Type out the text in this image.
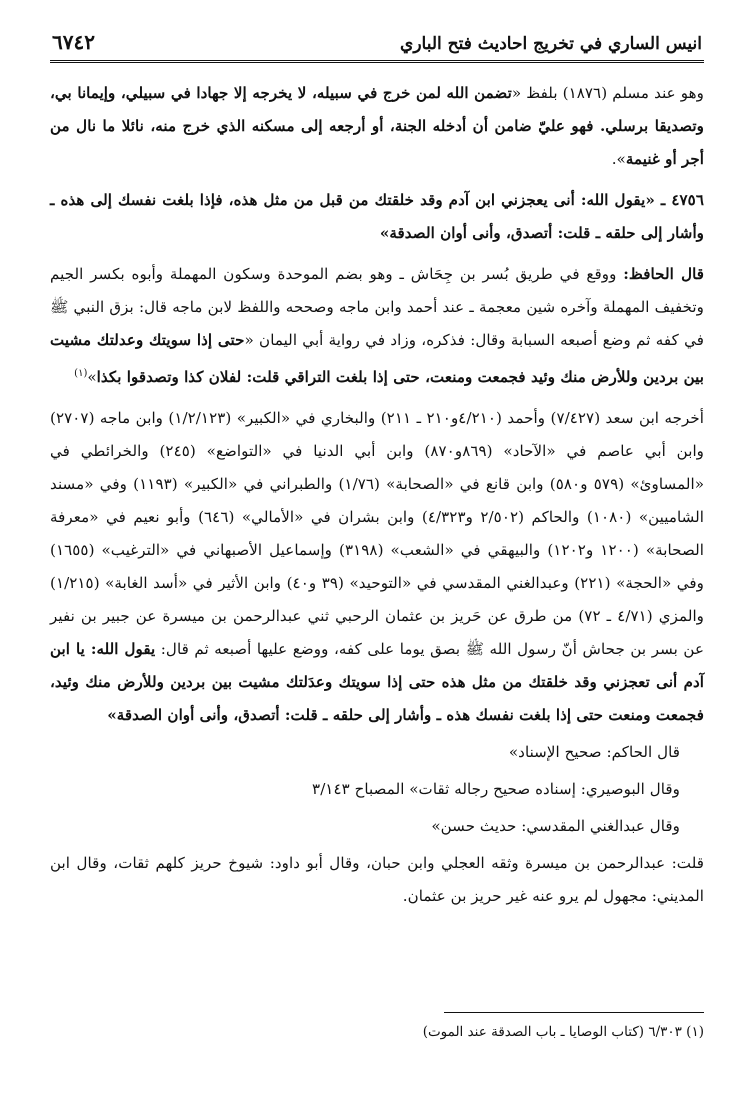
انيس الساري في تخريج احاديث فتح الباري
٦٧٤٢

وهو عند مسلم (١٨٧٦) بلفظ «تضمن الله لمن خرج في سبيله، لا يخرجه إلا جهادا في سبيلي، وإيمانا بي، وتصديقا برسلي. فهو عليّ ضامن أن أدخله الجنة، أو أرجعه إلى مسكنه الذي خرج منه، نائلا ما نال من أجر أو غنيمة».

٤٧٥٦ ـ «يقول الله: أنى يعجزني ابن آدم وقد خلقتك من قبل من مثل هذه، فإذا بلغت نفسك إلى هذه ـ وأشار إلى حلقه ـ قلت: أتصدق، وأنى أوان الصدقة»

قال الحافظ: ووقع في طريق بُسر بن جِحَاش ـ وهو بضم الموحدة وسكون المهملة وأبوه بكسر الجيم وتخفيف المهملة وآخره شين معجمة ـ عند أحمد وابن ماجه وصححه واللفظ لابن ماجه قال: بزق النبي ﷺ في كفه ثم وضع أصبعه السبابة وقال: فذكره، وزاد في رواية أبي اليمان «حتى إذا سويتك وعدلتك مشيت بين بردين وللأرض منك وئيد فجمعت ومنعت، حتى إذا بلغت التراقي قلت: لفلان كذا وتصدقوا بكذا»$^{(١)}$

أخرجه ابن سعد (٧/٤٢٧) وأحمد (٤/٢١٠و٢١٠ ـ ٢١١) والبخاري في «الكبير» (١/٢/١٢٣) وابن ماجه (٢٧٠٧) وابن أبي عاصم في «الآحاد» (٨٦٩و٨٧٠) وابن أبي الدنيا في «التواضع» (٢٤٥) والخرائطي في «المساوئ» (٥٧٩ و٥٨٠) وابن قانع في «الصحابة» (١/٧٦) والطبراني في «الكبير» (١١٩٣) وفي «مسند الشاميين» (١٠٨٠) والحاكم (٢/٥٠٢ و٤/٣٢٣) وابن بشران في «الأمالي» (٦٤٦) وأبو نعيم في «معرفة الصحابة» (١٢٠٠ و١٢٠٢) والبيهقي في «الشعب» (٣١٩٨) وإسماعيل الأصبهاني في «الترغيب» (١٦٥٥) وفي «الحجة» (٢٢١) وعبدالغني المقدسي في «التوحيد» (٣٩ و٤٠) وابن الأثير في «أسد الغابة» (١/٢١٥) والمزي (٤/٧١ ـ ٧٢) من طرق عن حَريز بن عثمان الرحبي ثني عبدالرحمن بن ميسرة عن جبير بن نفير عن بسر بن جحاش أنّ رسول الله ﷺ بصق يوما على كفه، ووضع عليها أصبعه ثم قال: يقول الله: يا ابن آدم أنى تعجزني وقد خلقتك من مثل هذه حتى إذا سويتك وعدَلتك مشيت بين بردين وللأرض منك وئيد، فجمعت ومنعت حتى إذا بلغت نفسك هذه ـ وأشار إلى حلقه ـ قلت: أتصدق، وأنى أوان الصدقة»

قال الحاكم: صحيح الإسناد»

وقال البوصيري: إسناده صحيح رجاله ثقات» المصباح ٣/١٤٣

وقال عبدالغني المقدسي: حديث حسن»

قلت: عبدالرحمن بن ميسرة وثقه العجلي وابن حبان، وقال أبو داود: شيوخ حريز كلهم ثقات، وقال ابن المديني: مجهول لم يرو عنه غير حريز بن عثمان.

(١) ٦/٣٠٣ (كتاب الوصايا ـ باب الصدقة عند الموت)
